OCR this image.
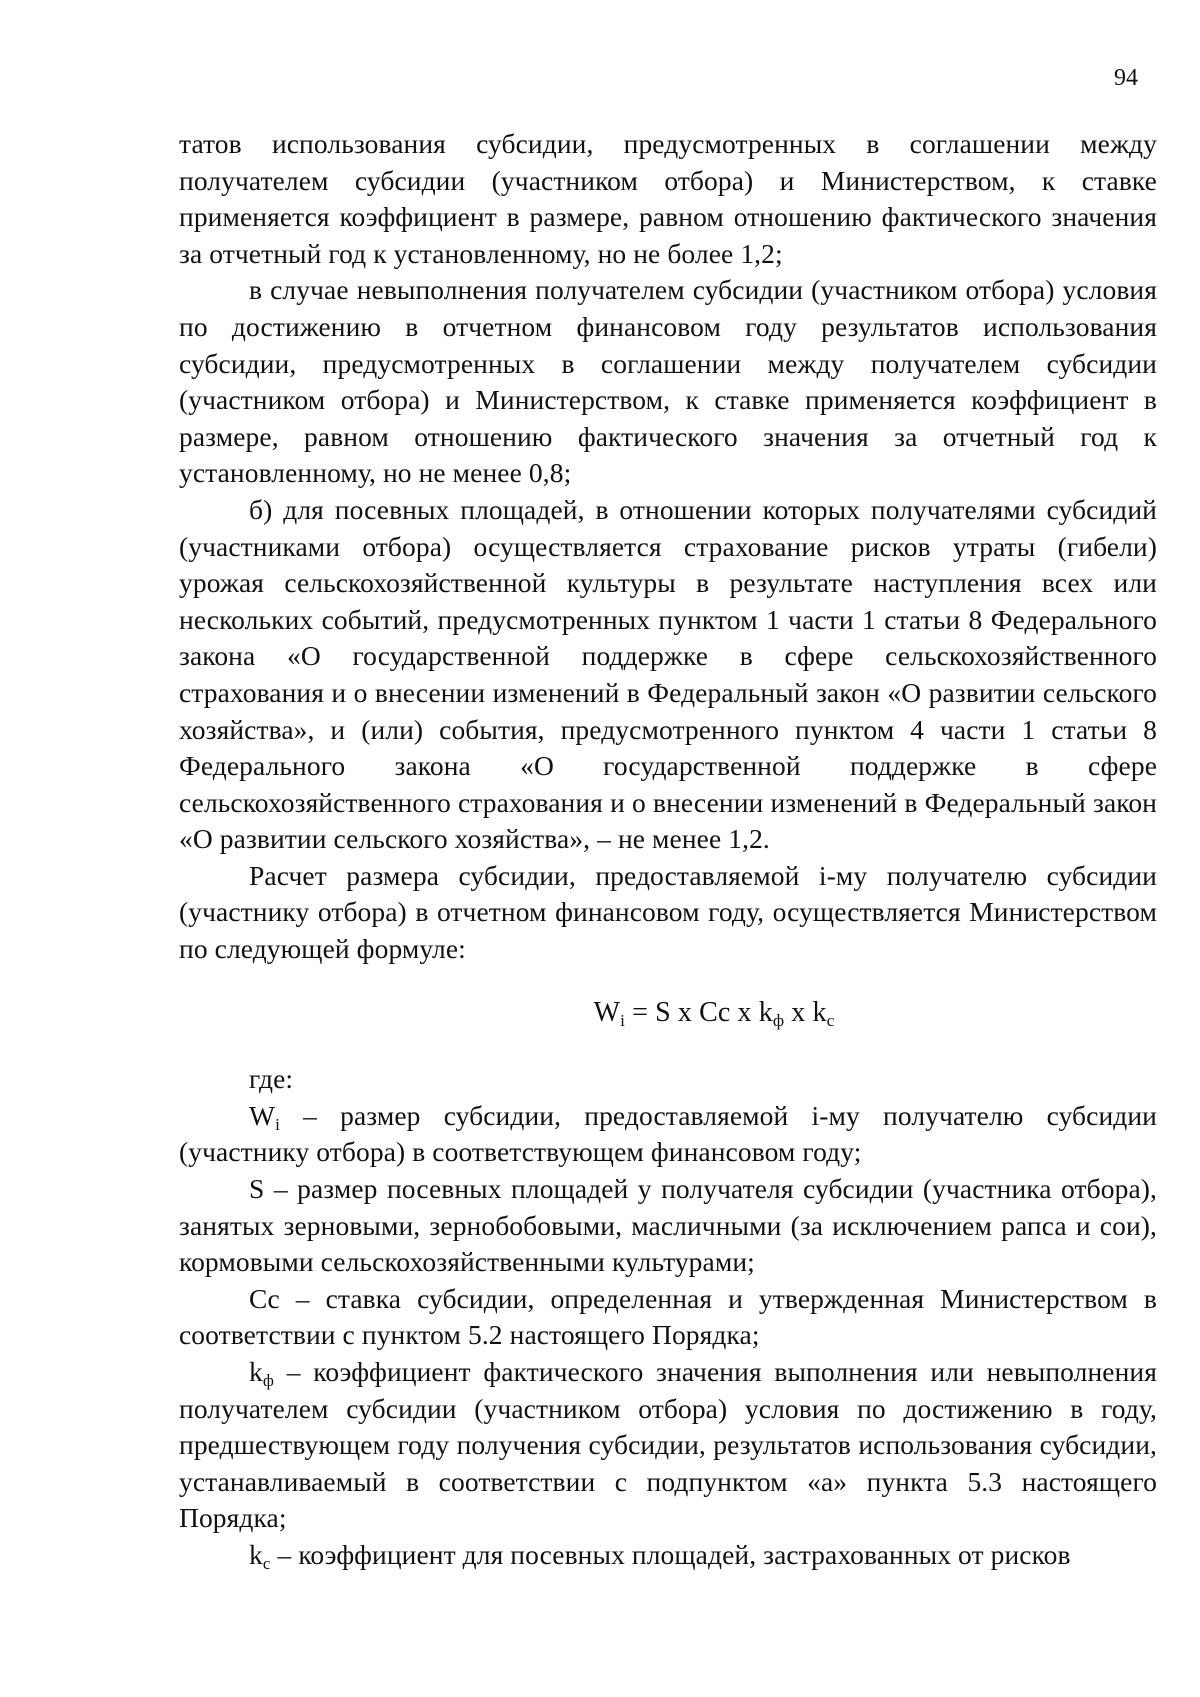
94

татов использования субсидии, предусмотренных в соглашении между получателем субсидии (участником отбора) и Министерством, к ставке применяется коэффициент в размере, равном отношению фактического значения за отчетный год к установленному, но не более 1,2;

в случае невыполнения получателем субсидии (участником отбора) условия по достижению в отчетном финансовом году результатов использования субсидии, предусмотренных в соглашении между получателем субсидии (участником отбора) и Министерством, к ставке применяется коэффициент в размере, равном отношению фактического значения за отчетный год к установленному, но не менее 0,8;

б) для посевных площадей, в отношении которых получателями субсидий (участниками отбора) осуществляется страхование рисков утраты (гибели) урожая сельскохозяйственной культуры в результате наступления всех или нескольких событий, предусмотренных пунктом 1 части 1 статьи 8 Федерального закона «О государственной поддержке в сфере сельскохозяйственного страхования и о внесении изменений в Федеральный закон «О развитии сельского хозяйства», и (или) события, предусмотренного пунктом 4 части 1 статьи 8 Федерального закона «О государственной поддержке в сфере сельскохозяйственного страхования и о внесении изменений в Федеральный закон «О развитии сельского хозяйства», – не менее 1,2.

Расчет размера субсидии, предоставляемой i-му получателю субсидии (участнику отбора) в отчетном финансовом году, осуществляется Министерством по следующей формуле:

$W_i = S$ x Cc x $k_ф$ x $k_с$

где:

$W_i$ – размер субсидии, предоставляемой i-му получателю субсидии (участнику отбора) в соответствующем финансовом году;

S – размер посевных площадей у получателя субсидии (участника отбора), занятых зерновыми, зернобобовыми, масличными (за исключением рапса и сои), кормовыми сельскохозяйственными культурами;

Cc – ставка субсидии, определенная и утвержденная Министерством в соответствии с пунктом 5.2 настоящего Порядка;

$k_ф$ – коэффициент фактического значения выполнения или невыполнения получателем субсидии (участником отбора) условия по достижению в году, предшествующем году получения субсидии, результатов использования субсидии, устанавливаемый в соответствии с подпунктом «а» пункта 5.3 настоящего Порядка;

$k_с$ – коэффициент для посевных площадей, застрахованных от рисков
